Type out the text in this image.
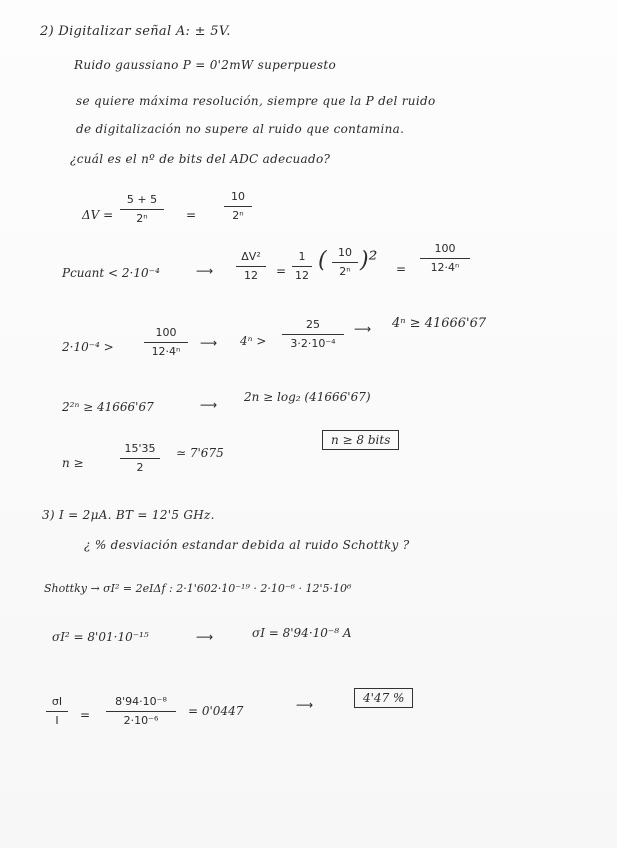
2) Digitalizar señal A: ± 5V.
Ruido gaussiano P = 0'2mW superpuesto
se quiere máxima resolución, siempre que la P del ruido
de digitalización no supere al ruido que contamina.
¿cuál es el nº de bits del ADC adecuado?
ΔV =
5 + 5
2ⁿ	=
10
2ⁿ
Pcuant < 2·10⁻⁴	⟶
ΔV²
12	=
1
12
(	10
2ⁿ )² =
100
12·4ⁿ
2·10⁻⁴ >
100
12·4ⁿ
⟶ 4ⁿ >
25
3·2·10⁻⁴
⟶ 4ⁿ ≥ 41666'67
2²ⁿ ≥ 41666'67	⟶
2n ≥ log₂ (41666'67)
n ≥
15'35
2
≃ 7'675
n ≥ 8 bits
3) I = 2μA. BT = 12'5 GHz.
¿ % desviación estandar debida al ruido Schottky ?
Shottky → σI² = 2eIΔf : 2·1'602·10⁻¹⁹ · 2·10⁻⁶ · 12'5·10⁶
σI² = 8'01·10⁻¹⁵	⟶	σI = 8'94·10⁻⁸ A
σI
I	=
8'94·10⁻⁸
2·10⁻⁶
= 0'0447	⟶	4'47 %
